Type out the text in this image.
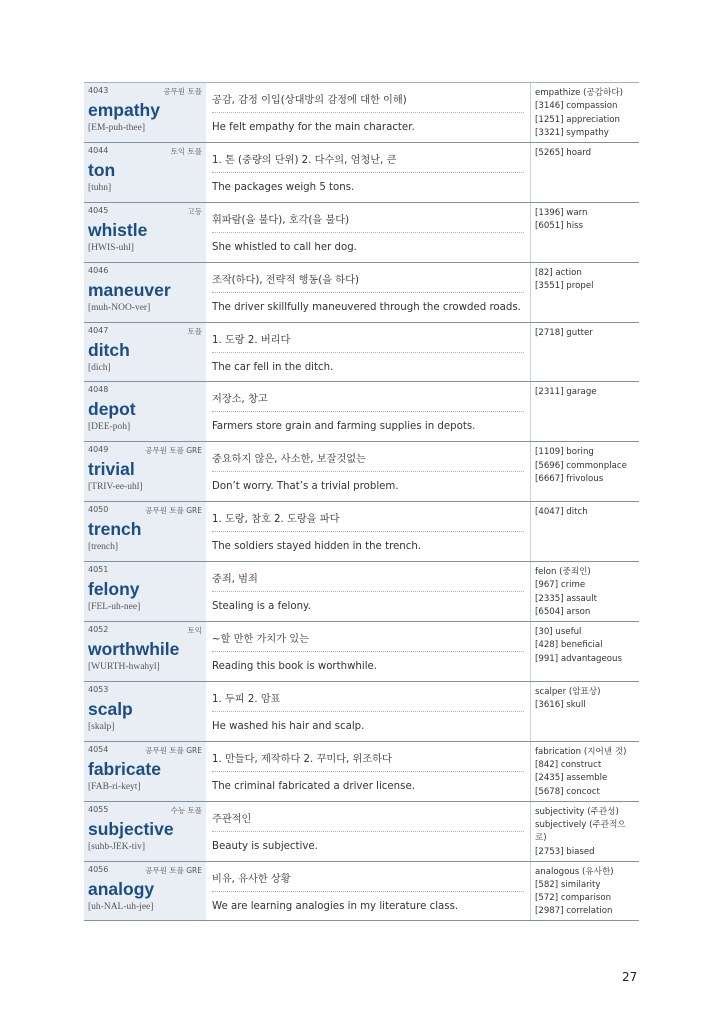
4043	공무원 토플
empathy
[EM-puh-thee]
공감, 감정 이입(상대방의 감정에 대한 이해)
He felt empathy for the main character.
empathize (공감하다)
[3146] compassion
[1251] appreciation
[3321] sympathy
4044	토익 토플
ton
[tuhn]
1. 톤 (중량의 단위) 2. 다수의, 엄청난, 큰
The packages weigh 5 tons.
[5265] hoard
4045	고등
whistle
[HWIS-uhl]
휘파람(을 불다), 호각(을 불다)
She whistled to call her dog.
[1396] warn
[6051] hiss
4046
maneuver
[muh-NOO-ver]
조작(하다), 전략적 행동(을 하다)
The driver skillfully maneuvered through the crowded roads.
[82] action
[3551] propel
4047	토플
ditch
[dich]
1. 도랑 2. 버리다
The car fell in the ditch.
[2718] gutter
4048
depot
[DEE-poh]
저장소, 창고
Farmers store grain and farming supplies in depots.
[2311] garage
4049	공무원 토플 GRE
trivial
[TRIV-ee-uhl]
중요하지 않은, 사소한, 보잘것없는
Don’t worry. That’s a trivial problem.
[1109] boring
[5696] commonplace
[6667] frivolous
4050	공무원 토플 GRE
trench
[trench]
1. 도랑, 참호 2. 도랑을 파다
The soldiers stayed hidden in the trench.
[4047] ditch
4051
felony
[FEL-uh-nee]
중죄, 범죄
Stealing is a felony.
felon (중죄인)
[967] crime
[2335] assault
[6504] arson
4052	토익
worthwhile
[WURTH-hwahyl]
~할 만한 가치가 있는
Reading this book is worthwhile.
[30] useful
[428] beneficial
[991] advantageous
4053
scalp
[skalp]
1. 두피 2. 암표
He washed his hair and scalp.
scalper (암표상)
[3616] skull
4054	공무원 토플 GRE
fabricate
[FAB-ri-keyt]
1. 만들다, 제작하다 2. 꾸미다, 위조하다
The criminal fabricated a driver license.
fabrication (지어낸 것)
[842] construct
[2435] assemble
[5678] concoct
4055	수능 토플
subjective
[suhb-JEK-tiv]
주관적인
Beauty is subjective.
subjectivity (주관성)
subjectively (주관적으
로)
[2753] biased
4056	공무원 토플 GRE
analogy
[uh-NAL-uh-jee]
비유, 유사한 상황
We are learning analogies in my literature class.
analogous (유사한)
[582] similarity
[572] comparison
[2987] correlation
27
